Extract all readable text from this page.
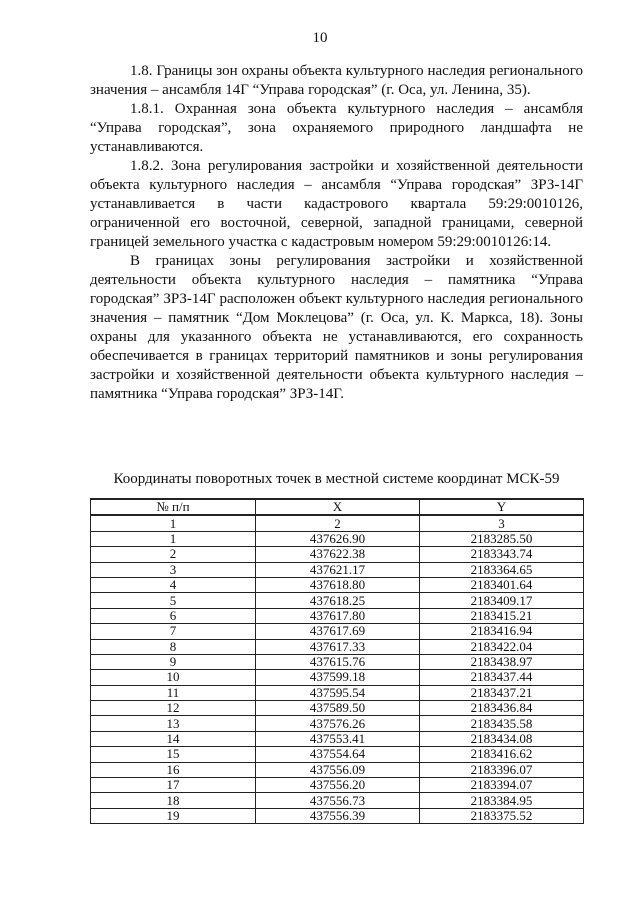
10

1.8. Границы зон охраны объекта культурного наследия регионального значения – ансамбля 14Г “Управа городская” (г. Оса, ул. Ленина, 35).

1.8.1. Охранная зона объекта культурного наследия – ансамбля “Управа городская”, зона охраняемого природного ландшафта не устанавливаются.

1.8.2. Зона регулирования застройки и хозяйственной деятельности объекта культурного наследия – ансамбля “Управа городская” ЗРЗ-14Г устанавливается в части кадастрового квартала 59:29:0010126, ограниченной его восточной, северной, западной границами, северной границей земельного участка с кадастровым номером 59:29:0010126:14.

В границах зоны регулирования застройки и хозяйственной деятельности объекта культурного наследия – памятника “Управа городская” ЗРЗ-14Г расположен объект культурного наследия регионального значения – памятник “Дом Моклецова” (г. Оса, ул. К. Маркса, 18). Зоны охраны для указанного объекта не устанавливаются, его сохранность обеспечивается в границах территорий памятников и зоны регулирования застройки и хозяйственной деятельности объекта культурного наследия – памятника “Управа городская” ЗРЗ-14Г.

Координаты поворотных точек в местной системе координат МСК-59
№ п/п	X	Y
1	2	3
1	437626.90	2183285.50
2	437622.38	2183343.74
3	437621.17	2183364.65
4	437618.80	2183401.64
5	437618.25	2183409.17
6	437617.80	2183415.21
7	437617.69	2183416.94
8	437617.33	2183422.04
9	437615.76	2183438.97
10	437599.18	2183437.44
11	437595.54	2183437.21
12	437589.50	2183436.84
13	437576.26	2183435.58
14	437553.41	2183434.08
15	437554.64	2183416.62
16	437556.09	2183396.07
17	437556.20	2183394.07
18	437556.73	2183384.95
19	437556.39	2183375.52
